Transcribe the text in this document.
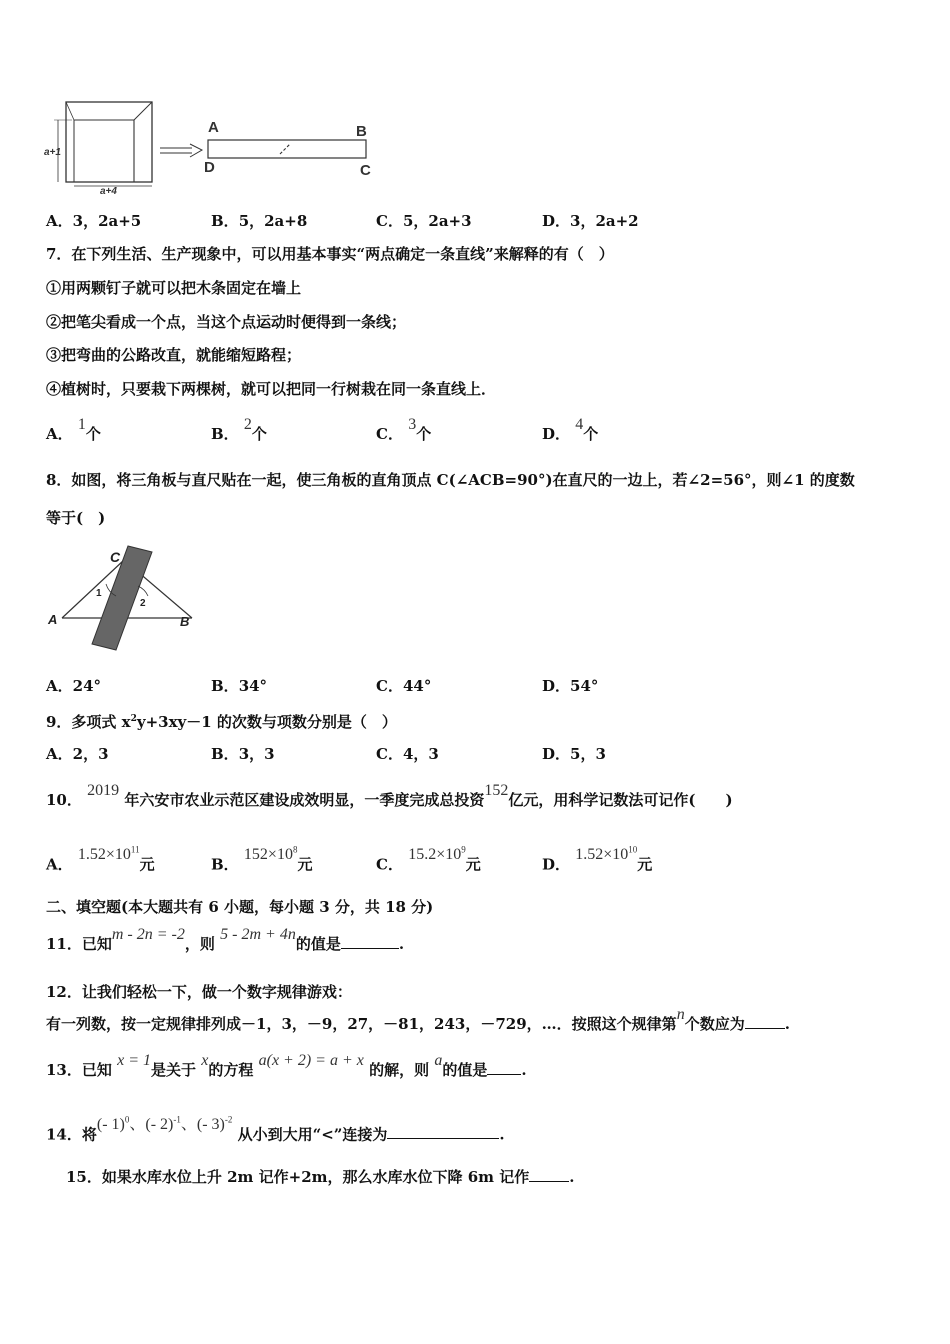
a+1
a+4
A	B
D	C
A．3，2a+5	B．5，2a+8	C．5，2a+3	D．3，2a+2
7．在下列生活、生产现象中，可以用基本事实“两点确定一条直线”来解释的有（　）
①用两颗钉子就可以把木条固定在墙上
②把笔尖看成一个点，当这个点运动时便得到一条线；
③把弯曲的公路改直，就能缩短路程；
④植树时，只要栽下两棵树，就可以把同一行树栽在同一条直线上．
A． 1个	B． 2个	C． 3个	D． 4个
8．如图，将三角板与直尺贴在一起，使三角板的直角顶点 C(∠ACB=90°)在直尺的一边上，若∠2=56°，则∠1 的度数
等于(　)
C
A	B
1
2
A．24°	B．34°	C．44°	D．54°
9．多项式 $x^2y+3xy-1$ 的次数与项数分别是（　）
A．2，3	B．3，3	C．4，3	D．5，3
10． 2019 年六安市农业示范区建设成效明显，一季度完成总投资152亿元，用科学记数法可记作(　　)
A． $1.52\times 10^{11}$元	B． $152\times 10^8$元	C． $15.2\times 10^9$元	D． $1.52\times 10^{10}$元
二、填空题(本大题共有 6 小题，每小题 3 分，共 18 分)
11．已知m - 2n = -2，则 5 - 2m + 4n的值是	.
12．让我们轻松一下，做一个数字规律游戏：
有一列数，按一定规律排列成－1，3，－9，27，－81，243，－729，…．按照这个规律第n个数应为	.
13．已知 x = 1是关于 x的方程 a(x + 2) = a + x 的解，则 a的值是 .
14．将(- 1)$^0$、(- 2)$^{-1}$、(- 3)$^{-2}$ 从小到大用“<”连接为	.
15．如果水库水位上升 2m 记作+2m，那么水库水位下降 6m 记作	.
